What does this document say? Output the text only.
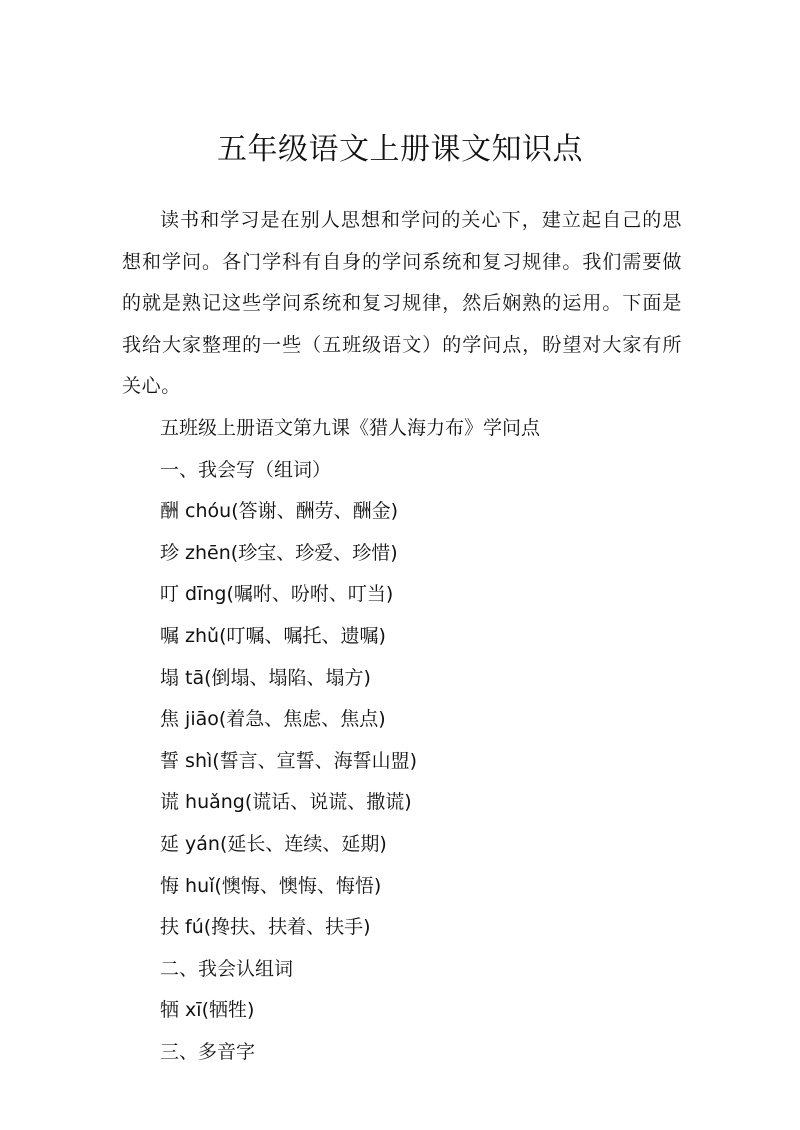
五年级语文上册课文知识点

读书和学习是在别人思想和学问的关心下，建立起自己的思想和学问。各门学科有自身的学问系统和复习规律。我们需要做的就是熟记这些学问系统和复习规律，然后娴熟的运用。下面是我给大家整理的一些（五班级语文）的学问点，盼望对大家有所关心。

五班级上册语文第九课《猎人海力布》学问点

一、我会写（组词）

酬 chóu(答谢、酬劳、酬金)

珍 zhēn(珍宝、珍爱、珍惜)

叮 dīng(嘱咐、吩咐、叮当)

嘱 zhǔ(叮嘱、嘱托、遗嘱)

塌 tā(倒塌、塌陷、塌方)

焦 jiāo(着急、焦虑、焦点)

誓 shì(誓言、宣誓、海誓山盟)

谎 huǎng(谎话、说谎、撒谎)

延 yán(延长、连续、延期)

悔 huǐ(懊悔、懊悔、悔悟)

扶 fú(搀扶、扶着、扶手)

二、我会认组词

牺 xī(牺牲)

三、多音字
